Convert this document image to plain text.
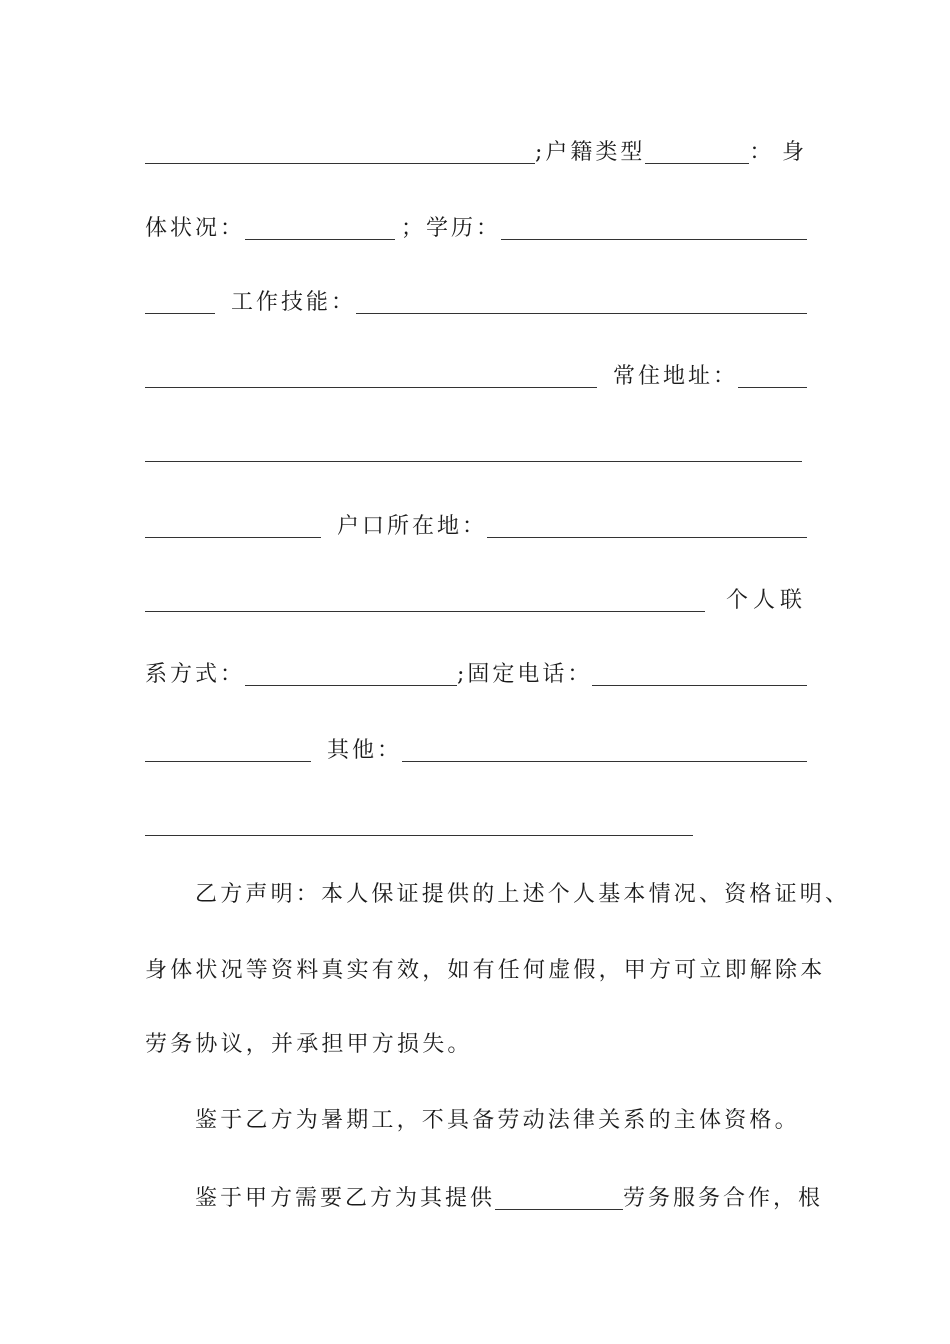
;户籍类型	： 身
体状况：	； 学历：
工作技能：
常住地址：
户口所在地：
个人联
系方式：	;固定电话：
其他：
乙方声明：本人保证提供的上述个人基本情况、资格证明、
身体状况等资料真实有效，如有任何虚假，甲方可立即解除本
劳务协议，并承担甲方损失。
鉴于乙方为暑期工，不具备劳动法律关系的主体资格。
鉴于甲方需要乙方为其提供	劳务服务合作，根
